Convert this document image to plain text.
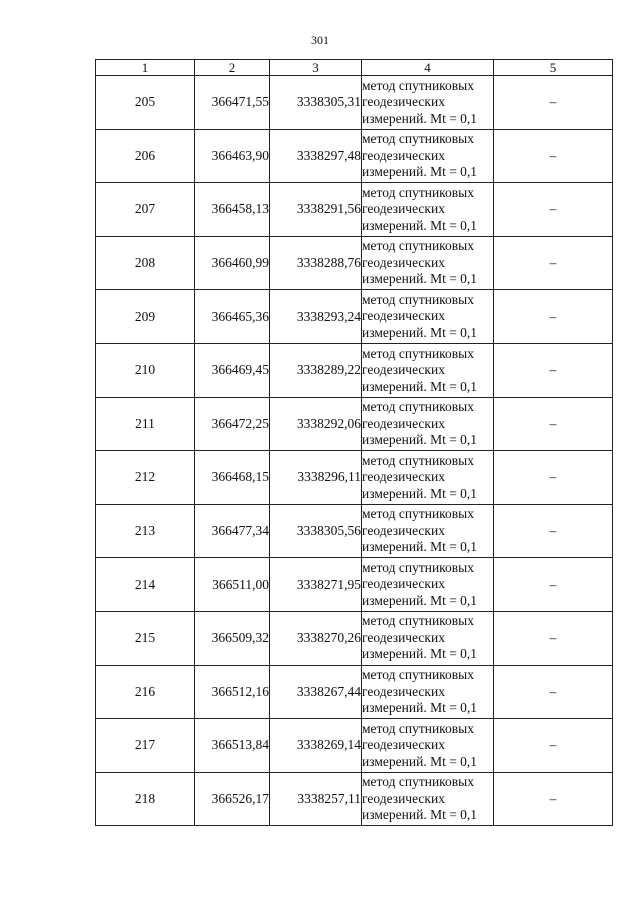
301
1	2	3	4	5
205	366471,55	3338305,31	метод спутниковых
геодезических
измерений. Mt = 0,1	–
206	366463,90	3338297,48	метод спутниковых
геодезических
измерений. Mt = 0,1	–
207	366458,13	3338291,56	метод спутниковых
геодезических
измерений. Mt = 0,1	–
208	366460,99	3338288,76	метод спутниковых
геодезических
измерений. Mt = 0,1	–
209	366465,36	3338293,24	метод спутниковых
геодезических
измерений. Mt = 0,1	–
210	366469,45	3338289,22	метод спутниковых
геодезических
измерений. Mt = 0,1	–
211	366472,25	3338292,06	метод спутниковых
геодезических
измерений. Mt = 0,1	–
212	366468,15	3338296,11	метод спутниковых
геодезических
измерений. Mt = 0,1	–
213	366477,34	3338305,56	метод спутниковых
геодезических
измерений. Mt = 0,1	–
214	366511,00	3338271,95	метод спутниковых
геодезических
измерений. Mt = 0,1	–
215	366509,32	3338270,26	метод спутниковых
геодезических
измерений. Mt = 0,1	–
216	366512,16	3338267,44	метод спутниковых
геодезических
измерений. Mt = 0,1	–
217	366513,84	3338269,14	метод спутниковых
геодезических
измерений. Mt = 0,1	–
218	366526,17	3338257,11	метод спутниковых
геодезических
измерений. Mt = 0,1	–
